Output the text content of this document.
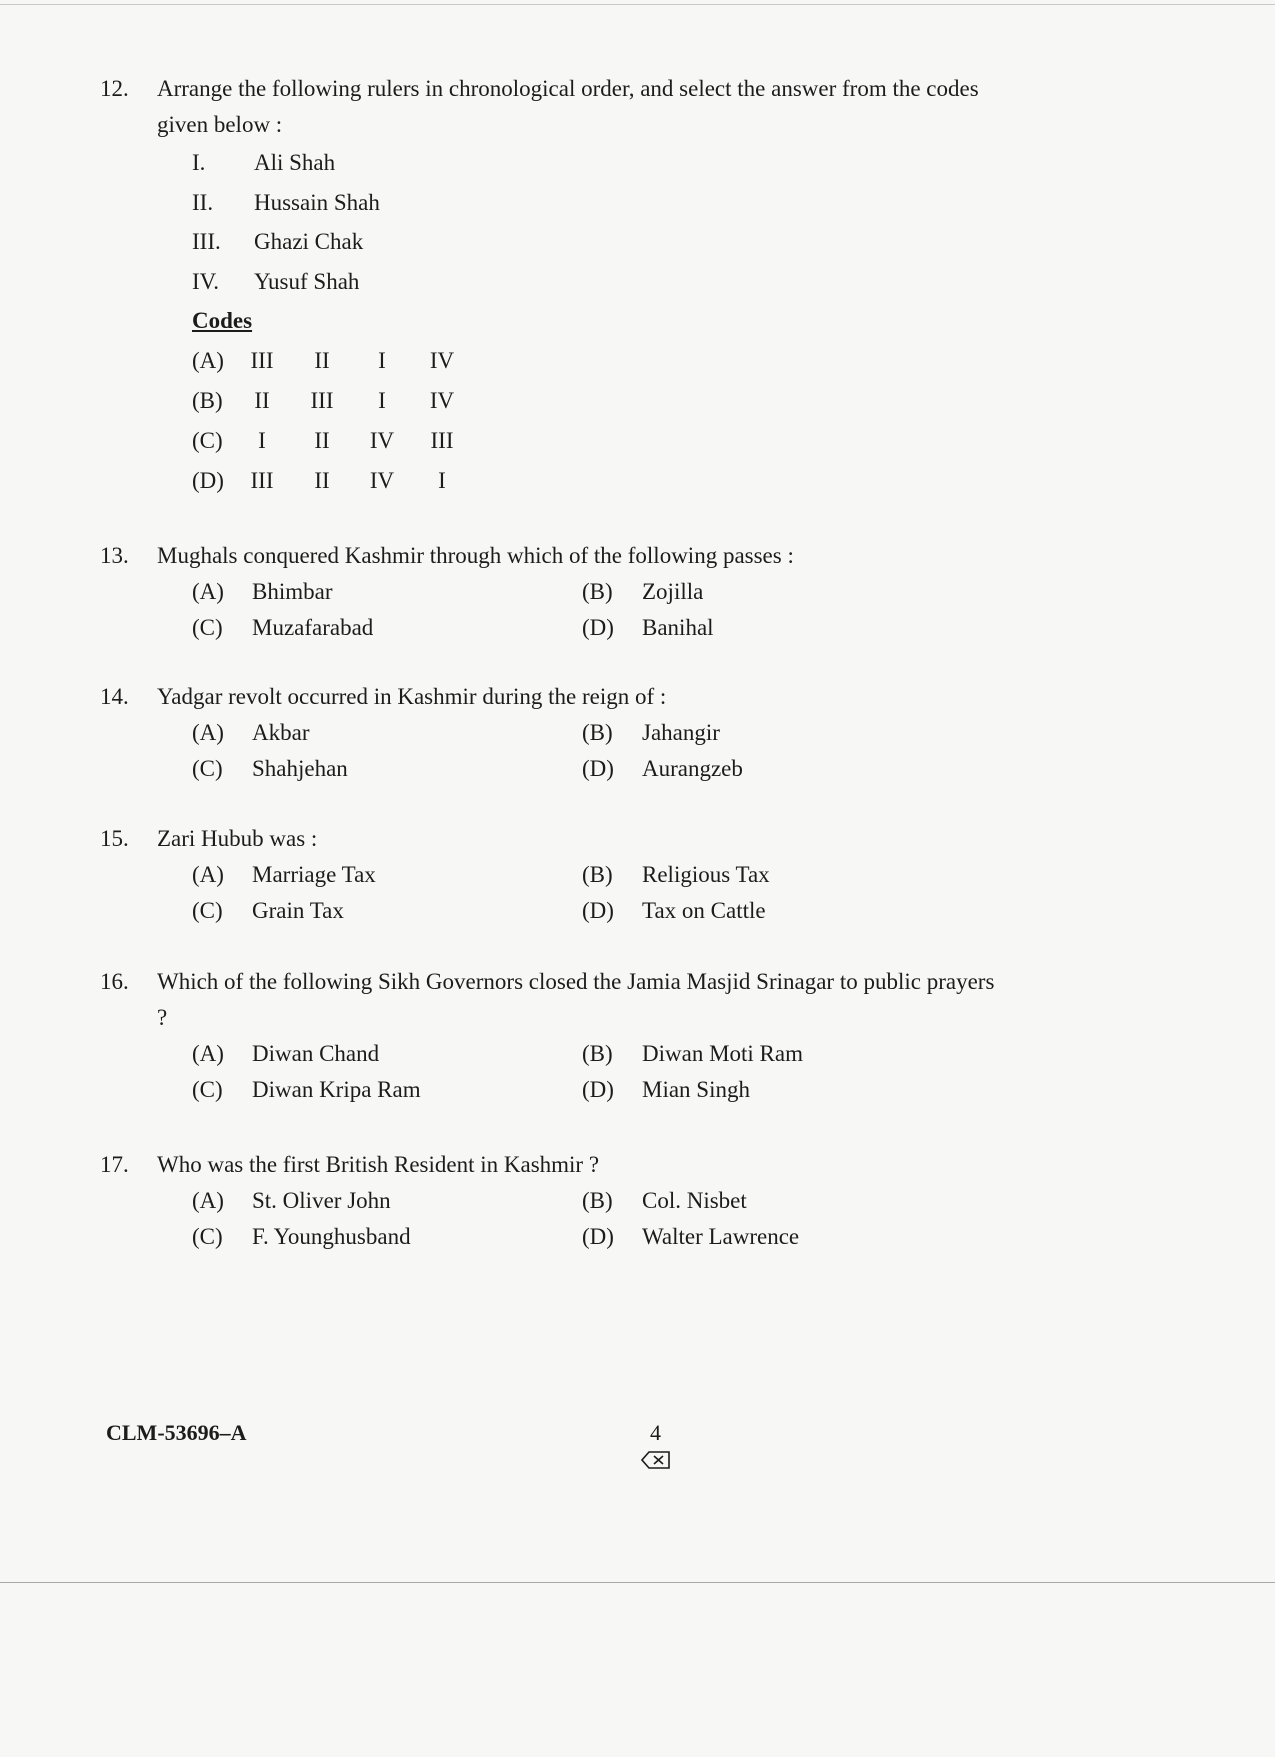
12.	Arrange the following rulers in chronological order, and select the answer from the codes given below :
I. Ali Shah
II. Hussain Shah
III. Ghazi Chak
IV. Yusuf Shah
Codes
(A) III II I IV
(B) II III I IV
(C) I II IV III
(D) III II IV I
13.	Mughals conquered Kashmir through which of the following passes :
(A) Bhimbar	(B) Zojilla
(C) Muzafarabad	(D) Banihal
14.	Yadgar revolt occurred in Kashmir during the reign of :
(A) Akbar	(B) Jahangir
(C) Shahjehan	(D) Aurangzeb
15.	Zari Hubub was :
(A) Marriage Tax	(B) Religious Tax
(C) Grain Tax	(D) Tax on Cattle
16.	Which of the following Sikh Governors closed the Jamia Masjid Srinagar to public prayers ?
(A) Diwan Chand	(B) Diwan Moti Ram
(C) Diwan Kripa Ram	(D) Mian Singh
17.	Who was the first British Resident in Kashmir ?
(A) St. Oliver John	(B) Col. Nisbet
(C) F. Younghusband	(D) Walter Lawrence
CLM-53696–A	4
